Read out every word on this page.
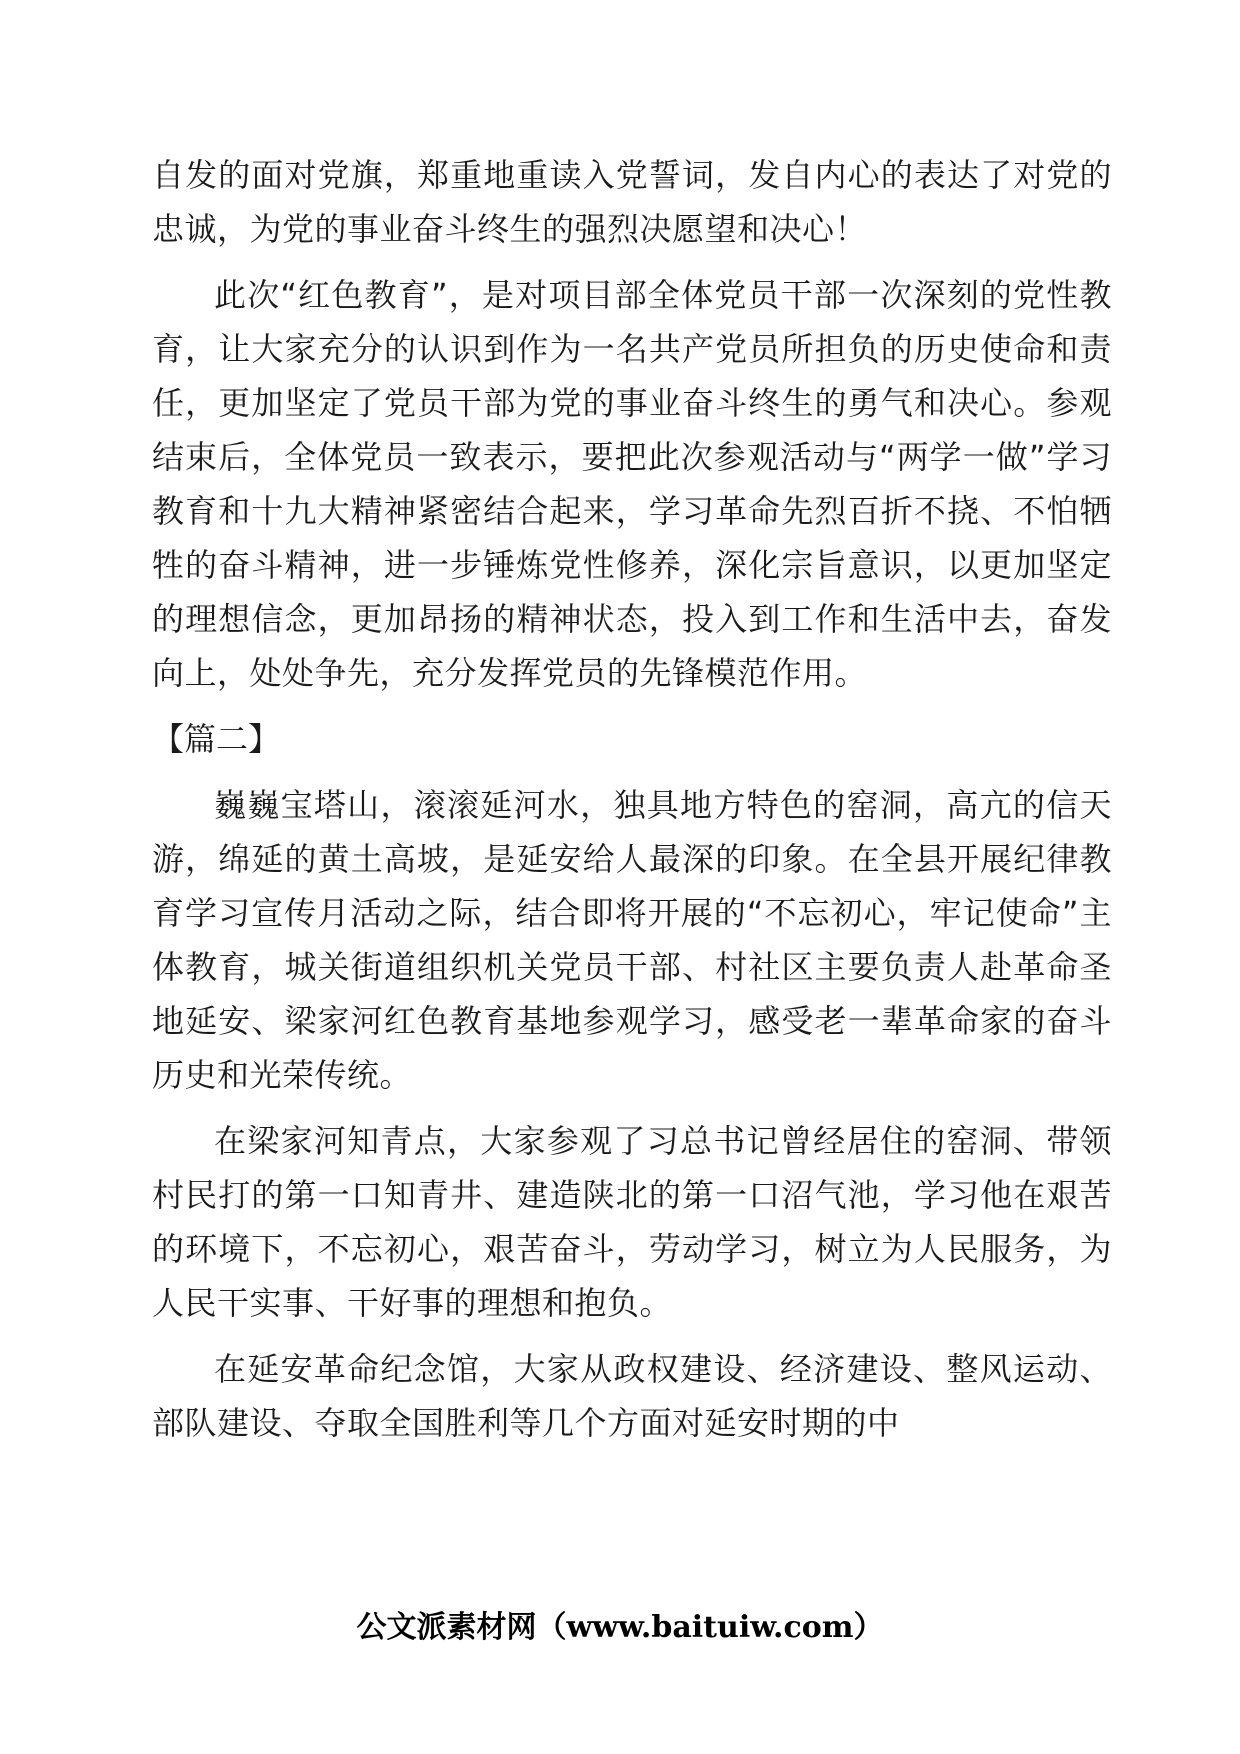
自发的面对党旗，郑重地重读入党誓词，发自内心的表达了对党的忠诚，为党的事业奋斗终生的强烈决愿望和决心！

此次“红色教育”，是对项目部全体党员干部一次深刻的党性教育，让大家充分的认识到作为一名共产党员所担负的历史使命和责任，更加坚定了党员干部为党的事业奋斗终生的勇气和决心。参观结束后，全体党员一致表示，要把此次参观活动与“两学一做”学习教育和十九大精神紧密结合起来，学习革命先烈百折不挠、不怕牺牲的奋斗精神，进一步锤炼党性修养，深化宗旨意识，以更加坚定的理想信念，更加昂扬的精神状态，投入到工作和生活中去，奋发向上，处处争先，充分发挥党员的先锋模范作用。

【篇二】

巍巍宝塔山，滚滚延河水，独具地方特色的窑洞，高亢的信天游，绵延的黄土高坡，是延安给人最深的印象。在全县开展纪律教育学习宣传月活动之际，结合即将开展的“不忘初心，牢记使命”主体教育，城关街道组织机关党员干部、村社区主要负责人赴革命圣地延安、梁家河红色教育基地参观学习，感受老一辈革命家的奋斗历史和光荣传统。

在梁家河知青点，大家参观了习总书记曾经居住的窑洞、带领村民打的第一口知青井、建造陕北的第一口沼气池，学习他在艰苦的环境下，不忘初心，艰苦奋斗，劳动学习，树立为人民服务，为人民干实事、干好事的理想和抱负。

在延安革命纪念馆，大家从政权建设、经济建设、整风运动、部队建设、夺取全国胜利等几个方面对延安时期的中

公文派素材网（www.baituiw.com）
